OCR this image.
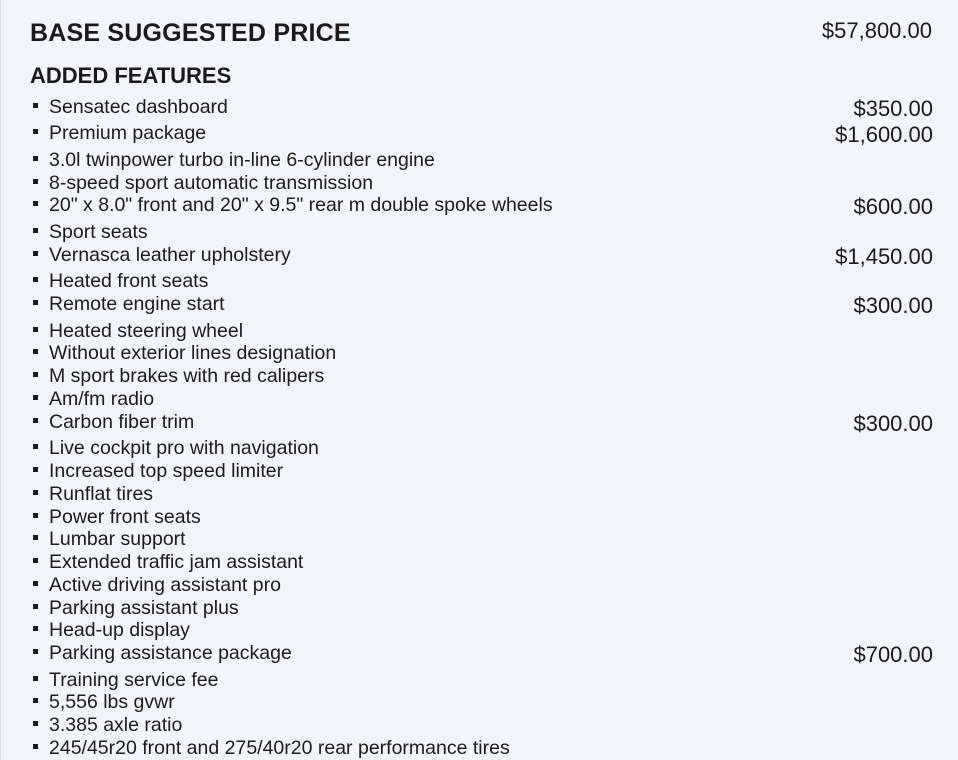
BASE SUGGESTED PRICE	$57,800.00
ADDED FEATURES
Sensatec dashboard	$350.00
Premium package	$1,600.00
3.0l twinpower turbo in-line 6-cylinder engine
8-speed sport automatic transmission
20" x 8.0" front and 20" x 9.5" rear m double spoke wheels	$600.00
Sport seats
Vernasca leather upholstery	$1,450.00
Heated front seats
Remote engine start	$300.00
Heated steering wheel
Without exterior lines designation
M sport brakes with red calipers
Am/fm radio
Carbon fiber trim	$300.00
Live cockpit pro with navigation
Increased top speed limiter
Runflat tires
Power front seats
Lumbar support
Extended traffic jam assistant
Active driving assistant pro
Parking assistant plus
Head-up display
Parking assistance package	$700.00
Training service fee
5,556 lbs gvwr
3.385 axle ratio
245/45r20 front and 275/40r20 rear performance tires
